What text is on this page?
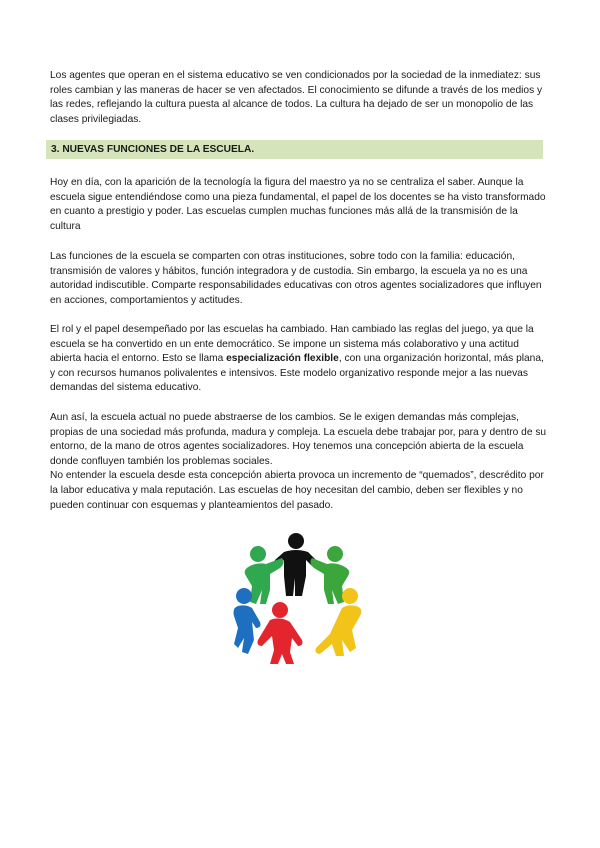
Los agentes que operan en el sistema educativo se ven condicionados por la sociedad de la inmediatez: sus roles cambian y las maneras de hacer se ven afectados. El conocimiento se difunde a través de los medios y las redes, reflejando la cultura puesta al alcance de todos. La cultura ha dejado de ser un monopolio de las clases privilegiadas.
3. NUEVAS FUNCIONES DE LA ESCUELA.
Hoy en día, con la aparición de la tecnología la figura del maestro ya no se centraliza el saber. Aunque la escuela sigue entendiéndose como una pieza fundamental, el papel de los docentes se ha visto transformado en cuanto a prestigio y poder. Las escuelas cumplen muchas funciones más allá de la transmisión de la cultura
Las funciones de la escuela se comparten con otras instituciones, sobre todo con la familia: educación, transmisión de valores y hábitos, función integradora y de custodia. Sin embargo, la escuela ya no es una autoridad indiscutible. Comparte responsabilidades educativas con otros agentes socializadores que influyen en acciones, comportamientos y actitudes.
El rol y el papel desempeñado por las escuelas ha cambiado. Han cambiado las reglas del juego, ya que la escuela se ha convertido en un ente democrático. Se impone un sistema más colaborativo y una actitud abierta hacia el entorno. Esto se llama especialización flexible, con una organización horizontal, más plana, y con recursos humanos polivalentes e intensivos. Este modelo organizativo responde mejor a las nuevas demandas del sistema educativo.
Aun así, la escuela actual no puede abstraerse de los cambios. Se le exigen demandas más complejas, propias de una sociedad más profunda, madura y compleja. La escuela debe trabajar por, para y dentro de su entorno, de la mano de otros agentes socializadores. Hoy tenemos una concepción abierta de la escuela donde confluyen también los problemas sociales.
No entender la escuela desde esta concepción abierta provoca un incremento de “quemados”, descrédito por la labor educativa y mala reputación. Las escuelas de hoy necesitan del cambio, deben ser flexibles y no pueden continuar con esquemas y planteamientos del pasado.
